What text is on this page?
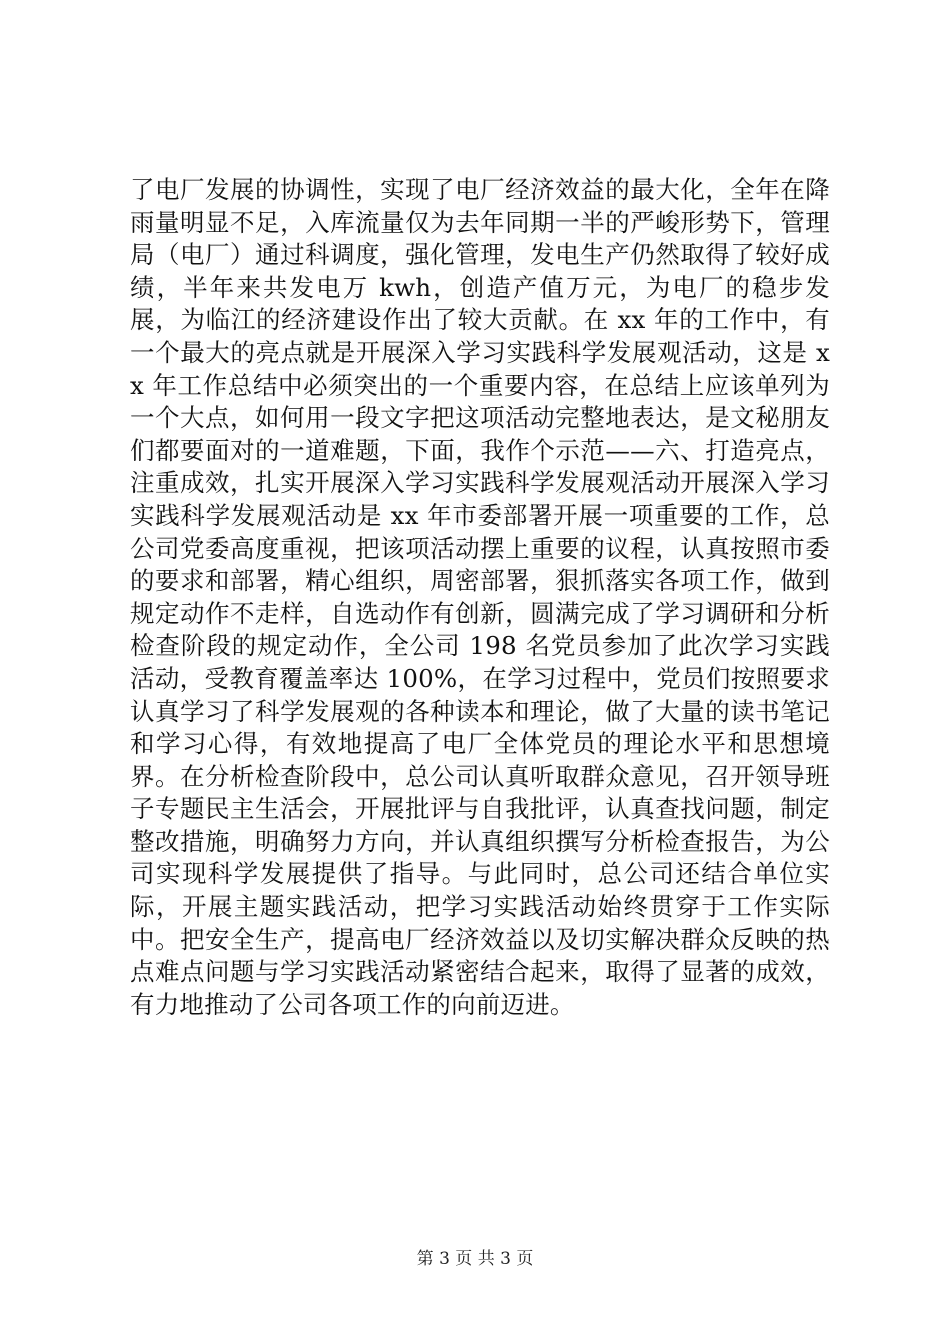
了电厂发展的协调性，实现了电厂经济效益的最大化，全年在降雨量明显不足，入库流量仅为去年同期一半的严峻形势下，管理局（电厂）通过科调度，强化管理，发电生产仍然取得了较好成绩，半年来共发电万 kwh，创造产值万元，为电厂的稳步发展，为临江的经济建设作出了较大贡献。在 xx 年的工作中，有一个最大的亮点就是开展深入学习实践科学发展观活动，这是 xx 年工作总结中必须突出的一个重要内容，在总结上应该单列为一个大点，如何用一段文字把这项活动完整地表达，是文秘朋友们都要面对的一道难题，下面，我作个示范——六、打造亮点，注重成效，扎实开展深入学习实践科学发展观活动开展深入学习实践科学发展观活动是 xx 年市委部署开展一项重要的工作，总公司党委高度重视，把该项活动摆上重要的议程，认真按照市委的要求和部署，精心组织，周密部署，狠抓落实各项工作，做到规定动作不走样，自选动作有创新，圆满完成了学习调研和分析检查阶段的规定动作，全公司 198 名党员参加了此次学习实践活动，受教育覆盖率达 100%，在学习过程中，党员们按照要求认真学习了科学发展观的各种读本和理论，做了大量的读书笔记和学习心得，有效地提高了电厂全体党员的理论水平和思想境界。在分析检查阶段中，总公司认真听取群众意见，召开领导班子专题民主生活会，开展批评与自我批评，认真查找问题，制定整改措施，明确努力方向，并认真组织撰写分析检查报告，为公司实现科学发展提供了指导。与此同时，总公司还结合单位实际，开展主题实践活动，把学习实践活动始终贯穿于工作实际中。把安全生产，提高电厂经济效益以及切实解决群众反映的热点难点问题与学习实践活动紧密结合起来，取得了显著的成效，有力地推动了公司各项工作的向前迈进。

第 3 页 共 3 页
